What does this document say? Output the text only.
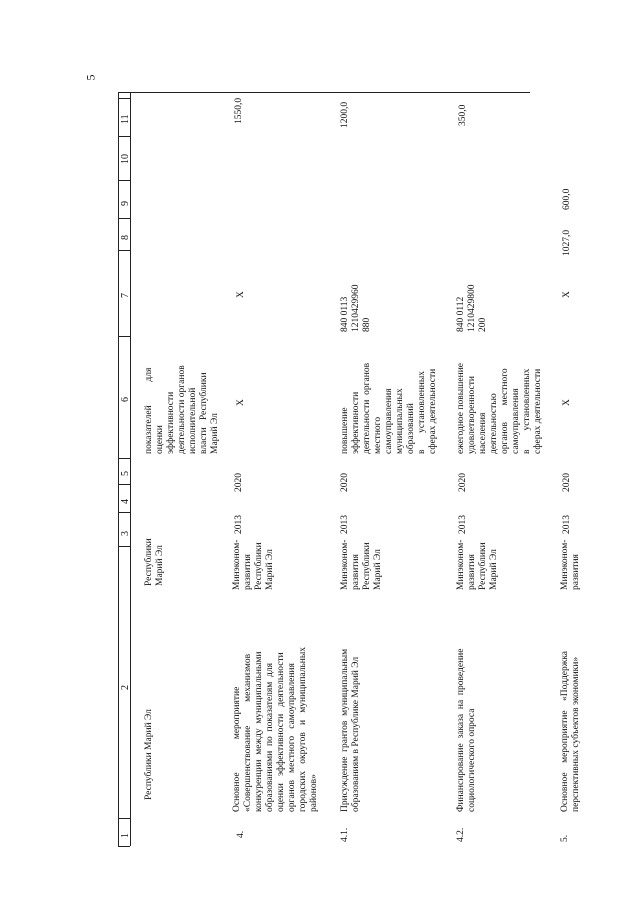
5
1
2
3
4
5
6
7
8
9
10
11
Республики Марий Эл
Республики
Марий Эл
показателей          для
оценки
эффективности
деятельности органов
исполнительной
власти   Республики
Марий Эл
4.
Основное              мероприятие
«Совершенствование          механизмов
конкуренции  между  муниципальными
образованиями  по  показателям  для
оценки   эффективности   деятельности
органов   местного   самоуправления
городских   округов   и   муниципальных
районов»
Минэконом-
развития
Республики
Марий Эл
2013
2020
X
X
1550,0
4.1.
Присуждение  грантов  муниципальным
образованиям в Республике Марий Эл
Минэконом-
развития
Республики
Марий Эл
2013
2020
повышение
эффективности
деятельности  органов
местного
самоуправления
муниципальных
образований
в       установленных
сферах деятельности
840 0113
1210429960
880
1200,0
4.2.
Финансирование  заказа  на  проведение
социологического опроса
Минэконом-
развития
Республики
Марий Эл
2013
2020
ежегодное повышение
удовлетворенности
населения
деятельностью
органов       местного
самоуправления
в        установленных
сферах деятельности
840 0112
1210429800
200
350,0
5.
Основное    мероприятие    «Поддержка
перспективных субъектов экономики»
Минэконом-
развития
2013
2020
X
X
1027,0
600,0
